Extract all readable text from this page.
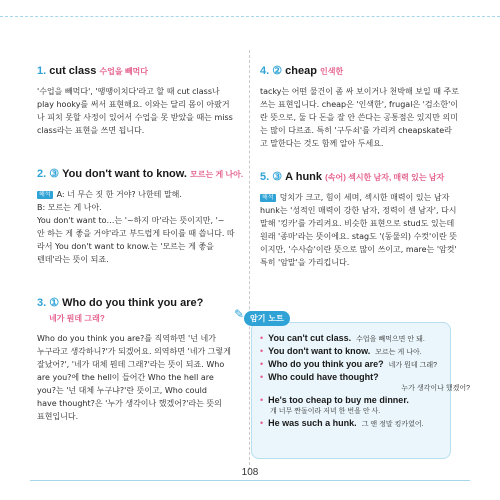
1. cut class 수업을 빼먹다
'수업을 빼먹다', '땡땡이치다'라고 할 때 cut class나
play hooky를 써서 표현해요. 이와는 달리 몸이 아팠거
나 피치 못할 사정이 있어서 수업을 못 받았을 때는 miss
class라는 표현을 쓰면 됩니다.
2. ③ You don't want to know. 모르는 게 나아.
해석 A: 너 무슨 짓 한 거야? 나한테 말해.
B: 모르는 게 나아.
You don't want to…는 '~하지 마'라는 뜻이지만, '~
안 하는 게 좋을 거야'라고 부드럽게 타이를 때 씁니다. 따
라서 You don't want to know.는 '모르는 게 좋을
텐데'라는 뜻이 되죠.
3. ① Who do you think you are?
네가 뭔데 그래?
Who do you think you are?를 직역하면 '넌 네가
누구라고 생각하니?'가 되겠어요. 의역하면 '네가 그렇게
잘났어?', '네가 대체 뭔데 그래?'라는 뜻이 되죠. Who
are you?에 the hell이 들어간 Who the hell are
you?는 '넌 대체 누구냐?'란 뜻이고, Who could
have thought?은 '누가 생각이나 했겠어?'라는 뜻의
표현입니다.
4. ② cheap 인색한
tacky는 어떤 물건이 좀 싸 보이거나 천박해 보일 때 주로
쓰는 표현입니다. cheap은 '인색한', frugal은 '검소한'이
란 뜻으로, 둘 다 돈을 잘 안 쓴다는 공통점은 있지만 의미
는 많이 다르죠. 특히 '구두쇠'를 가리켜 cheapskate라
고 말한다는 것도 함께 알아 두세요.
5. ③ A hunk (속어) 섹시한 남자, 매력 있는 남자
해석 덩치가 크고, 힘이 세며, 섹시한 매력이 있는 남자
hunk는 '성적인 매력이 강한 남자, 정력이 센 남자', 다시
말해 '킹카'를 가리켜요. 비슷한 표현으로 stud도 있는데
원래 '종마'라는 뜻이에요. stag도 '(동물의) 수컷'이란 뜻
이지만, '수사슴'이란 뜻으로 많이 쓰이고, mare는 '암컷'
특히 '암말'을 가리킵니다.
✎ 암기 노트
• You can't cut class. 수업을 빼먹으면 안 돼.
• You don't want to know. 모르는 게 나아.
• Who do you think you are? 네가 뭔데 그래?
• Who could have thought?
누가 생각이나 했겠어?
• He's too cheap to buy me dinner.
걔 너무 짠돌이라 저녁 한 번을 안 사.
• He was such a hunk. 그 앤 정말 킹카였어.
108
